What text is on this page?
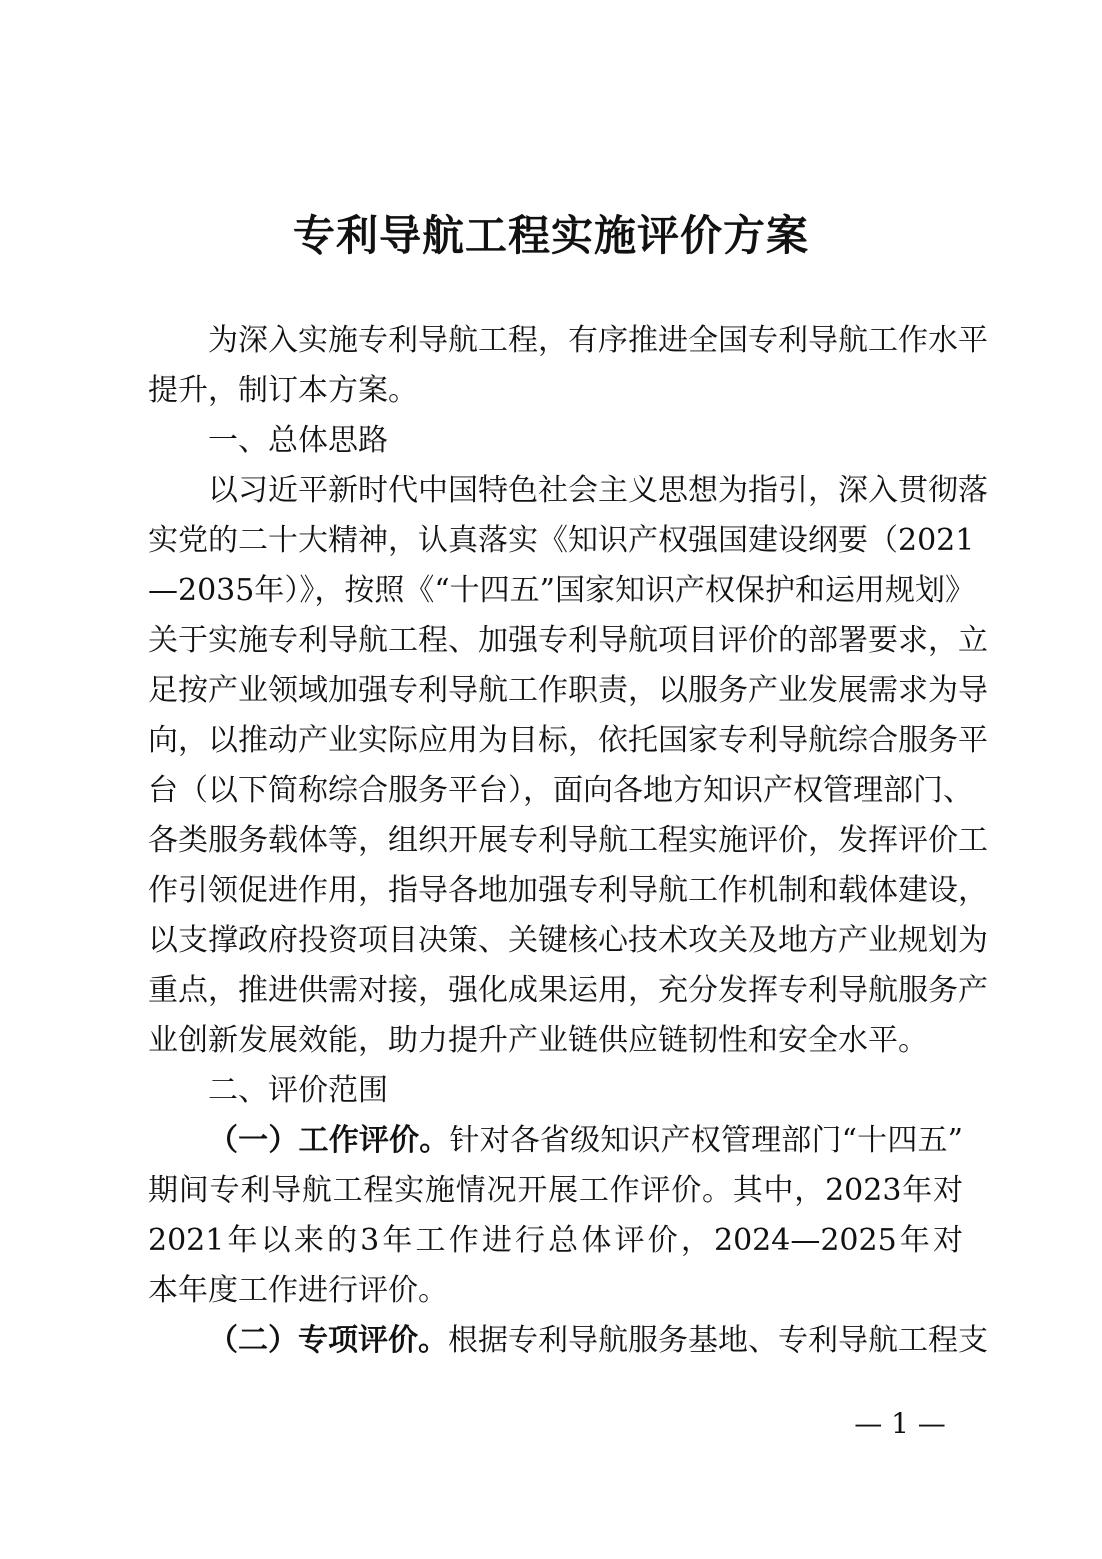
专利导航工程实施评价方案
为深入实施专利导航工程，有序推进全国专利导航工作水平
提升，制订本方案。
一、总体思路
以习近平新时代中国特色社会主义思想为指引，深入贯彻落
实党的二十大精神，认真落实《知识产权强国建设纲要（2021
—2035年）》，按照《“十四五”国家知识产权保护和运用规划》
关于实施专利导航工程、加强专利导航项目评价的部署要求，立
足按产业领域加强专利导航工作职责，以服务产业发展需求为导
向，以推动产业实际应用为目标，依托国家专利导航综合服务平
台（以下简称综合服务平台），面向各地方知识产权管理部门、
各类服务载体等，组织开展专利导航工程实施评价，发挥评价工
作引领促进作用，指导各地加强专利导航工作机制和载体建设，
以支撑政府投资项目决策、关键核心技术攻关及地方产业规划为
重点，推进供需对接，强化成果运用，充分发挥专利导航服务产
业创新发展效能，助力提升产业链供应链韧性和安全水平。
二、评价范围
（一）工作评价。针对各省级知识产权管理部门“十四五”
期间专利导航工程实施情况开展工作评价。其中，2023年对
2021年以来的3年工作进行总体评价，2024—2025年对
本年度工作进行评价。
（二）专项评价。根据专利导航服务基地、专利导航工程支
— 1 —
